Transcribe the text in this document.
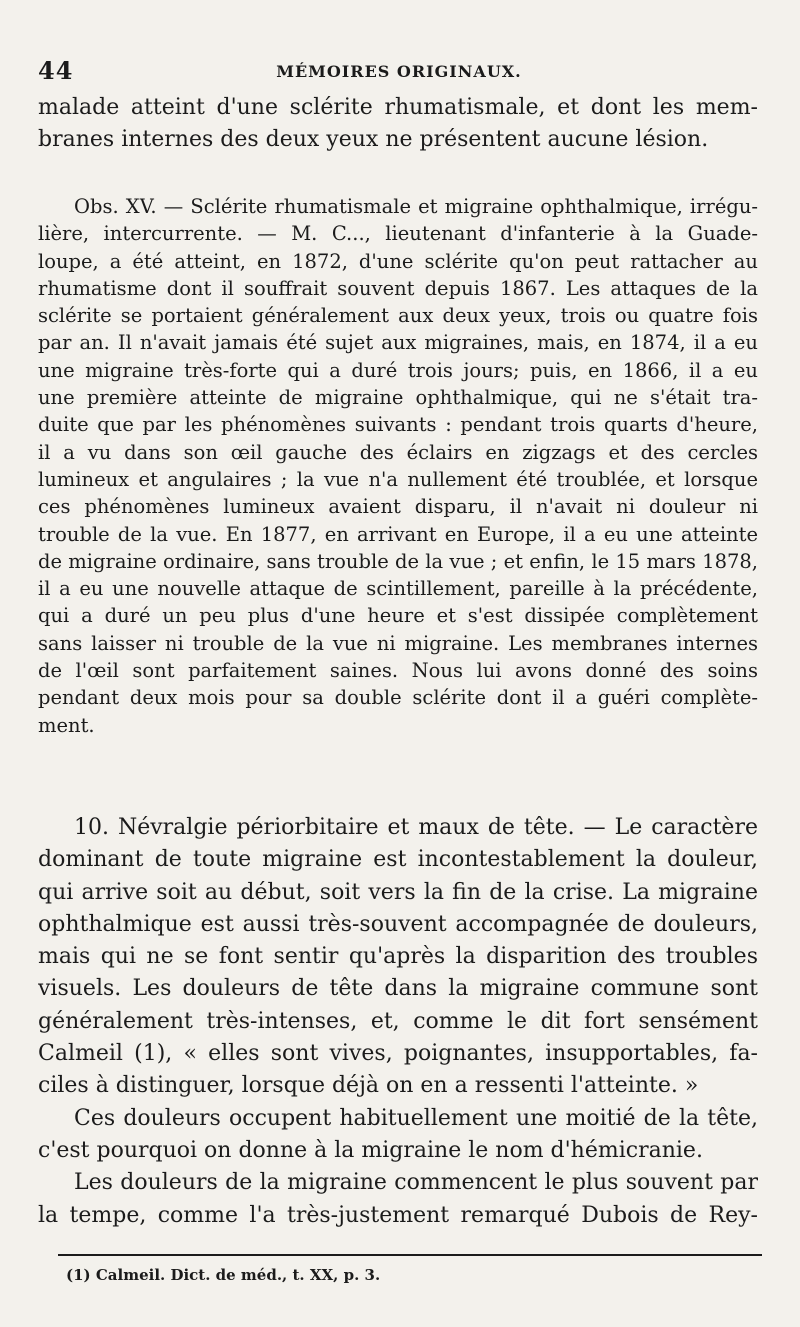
44	MÉMOIRES ORIGINAUX.
malade atteint d'une sclérite rhumatismale, et dont les mem-
branes internes des deux yeux ne présentent aucune lésion.
Obs. XV. — Sclérite rhumatismale et migraine ophthalmique, irrégu-
lière, intercurrente. — M. C..., lieutenant d'infanterie à la Guade-
loupe, a été atteint, en 1872, d'une sclérite qu'on peut rattacher au
rhumatisme dont il souffrait souvent depuis 1867. Les attaques de la
sclérite se portaient généralement aux deux yeux, trois ou quatre fois
par an. Il n'avait jamais été sujet aux migraines, mais, en 1874, il a eu
une migraine très-forte qui a duré trois jours; puis, en 1866, il a eu
une première atteinte de migraine ophthalmique, qui ne s'était tra-
duite que par les phénomènes suivants : pendant trois quarts d'heure,
il a vu dans son œil gauche des éclairs en zigzags et des cercles
lumineux et angulaires ; la vue n'a nullement été troublée, et lorsque
ces phénomènes lumineux avaient disparu, il n'avait ni douleur ni
trouble de la vue. En 1877, en arrivant en Europe, il a eu une atteinte
de migraine ordinaire, sans trouble de la vue ; et enfin, le 15 mars 1878,
il a eu une nouvelle attaque de scintillement, pareille à la précédente,
qui a duré un peu plus d'une heure et s'est dissipée complètement
sans laisser ni trouble de la vue ni migraine. Les membranes internes
de l'œil sont parfaitement saines. Nous lui avons donné des soins
pendant deux mois pour sa double sclérite dont il a guéri complète-
ment.
10. Névralgie périorbitaire et maux de tête. — Le caractère
dominant de toute migraine est incontestablement la douleur,
qui arrive soit au début, soit vers la fin de la crise. La migraine
ophthalmique est aussi très-souvent accompagnée de douleurs,
mais qui ne se font sentir qu'après la disparition des troubles
visuels. Les douleurs de tête dans la migraine commune sont
généralement très-intenses, et, comme le dit fort sensément
Calmeil (1), « elles sont vives, poignantes, insupportables, fa-
ciles à distinguer, lorsque déjà on en a ressenti l'atteinte. »
Ces douleurs occupent habituellement une moitié de la tête,
c'est pourquoi on donne à la migraine le nom d'hémicranie.
Les douleurs de la migraine commencent le plus souvent par
la tempe, comme l'a très-justement remarqué Dubois de Rey-
(1) Calmeil. Dict. de méd., t. XX, p. 3.
